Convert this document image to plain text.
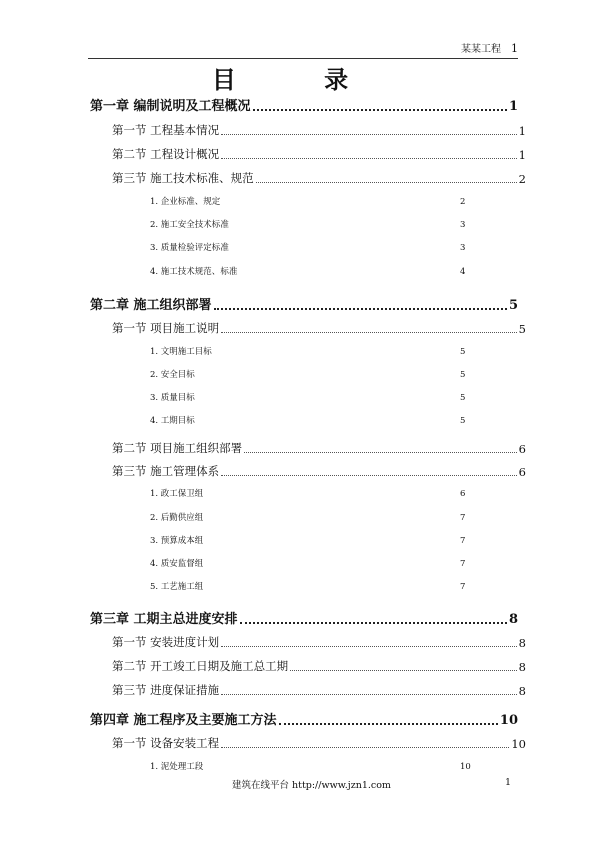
某某工程 1
目 录
第一章 编制说明及工程概况	1
第一节 工程基本情况	1
第二节 工程设计概况	1
第三节 施工技术标准、规范	2
1. 企业标准、规定	2
2. 施工安全技术标准	3
3. 质量检验评定标准	3
4. 施工技术规范、标准	4
第二章 施工组织部署	5
第一节 项目施工说明	5
1. 文明施工目标	5
2. 安全目标	5
3. 质量目标	5
4. 工期目标	5
第二节 项目施工组织部署	6
第三节 施工管理体系	6
1. 政工保卫组	6
2. 后勤供应组	7
3. 预算成本组	7
4. 质安监督组	7
5. 工艺施工组	7
第三章 工期主总进度安排	8
第一节 安装进度计划	8
第二节 开工竣工日期及施工总工期	8
第三节 进度保证措施	8
第四章 施工程序及主要施工方法	10
第一节 设备安装工程	10
1. 泥处理工段	10
建筑在线平台 http://www.jzn1.com	1
